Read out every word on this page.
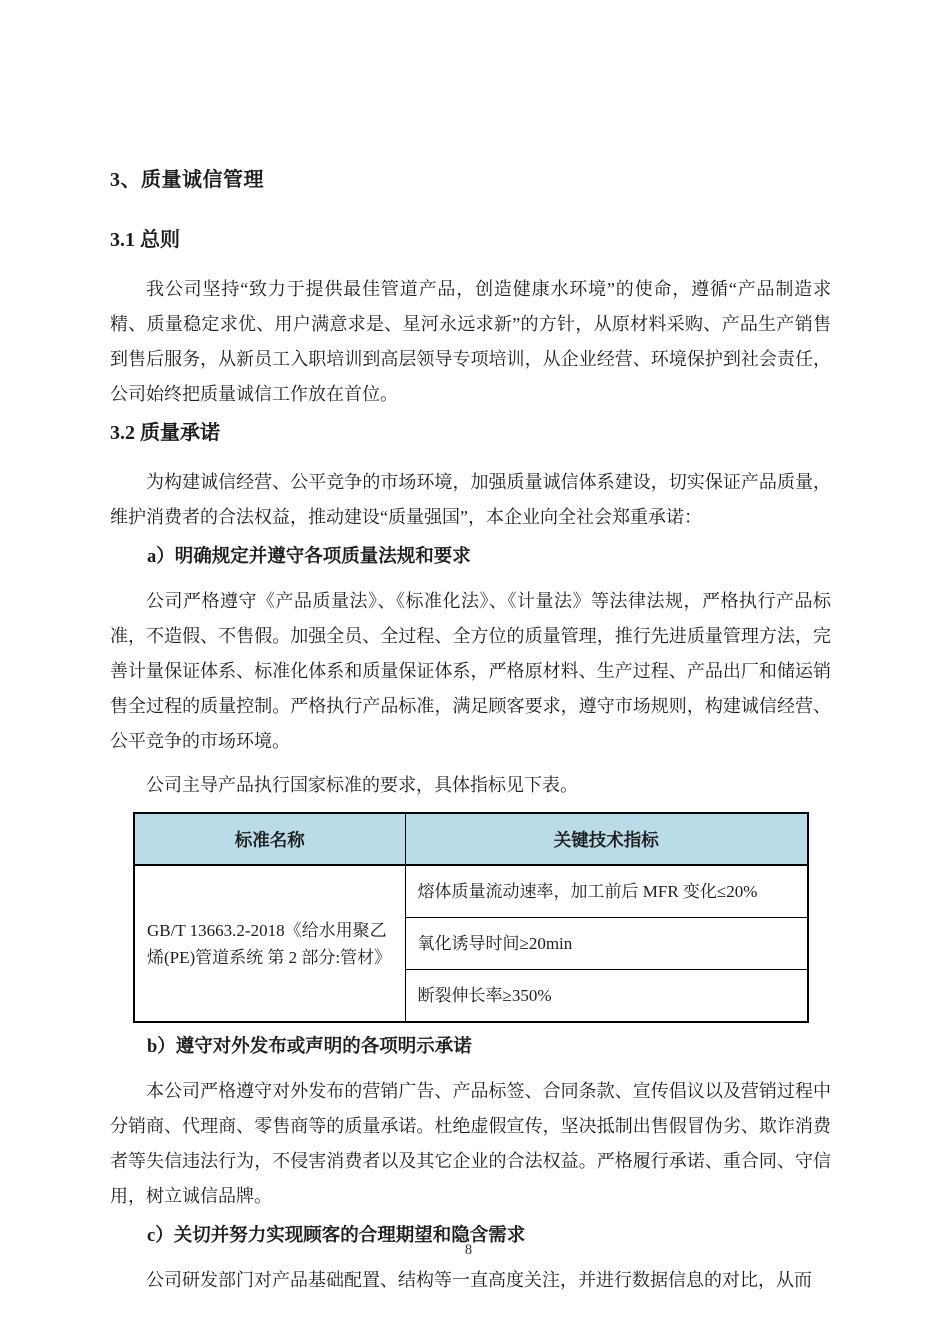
3、质量诚信管理
3.1 总则

我公司坚持“致力于提供最佳管道产品，创造健康水环境”的使命，遵循“产品制造求精、质量稳定求优、用户满意求是、星河永远求新”的方针，从原材料采购、产品生产销售到售后服务，从新员工入职培训到高层领导专项培训，从企业经营、环境保护到社会责任，公司始终把质量诚信工作放在首位。

3.2 质量承诺

为构建诚信经营、公平竞争的市场环境，加强质量诚信体系建设，切实保证产品质量，维护消费者的合法权益，推动建设“质量强国”，本企业向全社会郑重承诺：

a）明确规定并遵守各项质量法规和要求

公司严格遵守《产品质量法》、《标准化法》、《计量法》等法律法规，严格执行产品标准，不造假、不售假。加强全员、全过程、全方位的质量管理，推行先进质量管理方法，完善计量保证体系、标准化体系和质量保证体系，严格原材料、生产过程、产品出厂和储运销售全过程的质量控制。严格执行产品标准，满足顾客要求，遵守市场规则，构建诚信经营、公平竞争的市场环境。

公司主导产品执行国家标准的要求，具体指标见下表。

标准名称	关键技术指标
GB/T 13663.2-2018《给水用聚乙烯(PE)管道系统 第 2 部分:管材》	熔体质量流动速率，加工前后 MFR 变化≤20%
	氧化诱导时间≥20min
	断裂伸长率≥350%
b）遵守对外发布或声明的各项明示承诺

本公司严格遵守对外发布的营销广告、产品标签、合同条款、宣传倡议以及营销过程中分销商、代理商、零售商等的质量承诺。杜绝虚假宣传，坚决抵制出售假冒伪劣、欺诈消费者等失信违法行为，不侵害消费者以及其它企业的合法权益。严格履行承诺、重合同、守信用，树立诚信品牌。

c）关切并努力实现顾客的合理期望和隐含需求

公司研发部门对产品基础配置、结构等一直高度关注，并进行数据信息的对比，从而

8
